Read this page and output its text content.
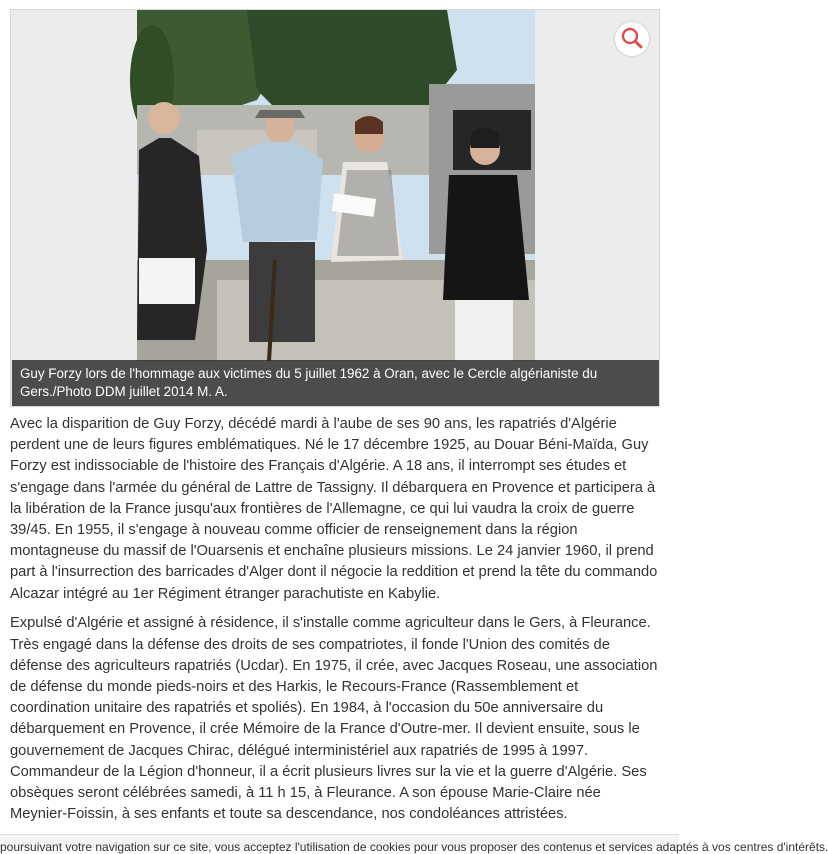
Guy Forzy lors de l'hommage aux victimes du 5 juillet 1962 à Oran, avec le Cercle algérianiste du Gers./Photo DDM juillet 2014 M. A.

Avec la disparition de Guy Forzy, décédé mardi à l'aube de ses 90 ans, les rapatriés d'Algérie perdent une de leurs figures emblématiques. Né le 17 décembre 1925, au Douar Béni-Maïda, Guy Forzy est indissociable de l'histoire des Français d'Algérie. A 18 ans, il interrompt ses études et s'engage dans l'armée du général de Lattre de Tassigny. Il débarquera en Provence et participera à la libération de la France jusqu'aux frontières de l'Allemagne, ce qui lui vaudra la croix de guerre 39/45. En 1955, il s'engage à nouveau comme officier de renseignement dans la région montagneuse du massif de l'Ouarsenis et enchaîne plusieurs missions. Le 24 janvier 1960, il prend part à l'insurrection des barricades d'Alger dont il négocie la reddition et prend la tête du commando Alcazar intégré au 1er Régiment étranger parachutiste en Kabylie.

Expulsé d'Algérie et assigné à résidence, il s'installe comme agriculteur dans le Gers, à Fleurance. Très engagé dans la défense des droits de ses compatriotes, il fonde l'Union des comités de défense des agriculteurs rapatriés (Ucdar). En 1975, il crée, avec Jacques Roseau, une association de défense du monde pieds-noirs et des Harkis, le Recours-France (Rassemblement et coordination unitaire des rapatriés et spoliés). En 1984, à l'occasion du 50e anniversaire du débarquement en Provence, il crée Mémoire de la France d'Outre-mer. Il devient ensuite, sous le gouvernement de Jacques Chirac, délégué interministériel aux rapatriés de 1995 à 1997. Commandeur de la Légion d'honneur, il a écrit plusieurs livres sur la vie et la guerre d'Algérie. Ses obsèques seront célébrées samedi, à 11 h 15, à Fleurance. A son épouse Marie-Claire née Meynier-Foissin, à ses enfants et toute sa descendance, nos condoléances attristées.

poursuivant votre navigation sur ce site, vous acceptez l'utilisation de cookies pour vous proposer des contenus et services adaptés à vos centres d'intérêts.
